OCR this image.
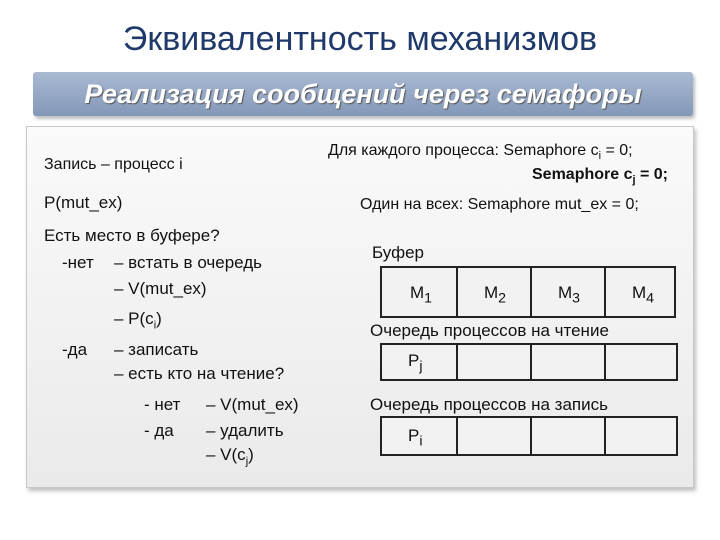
Эквивалентность механизмов
Реализация сообщений через семафоры
Запись – процесс i
P(mut_ex)
Есть место в буфере?
-нет – встать в очередь
– V(mut_ex)
– $P(c_i)$
-да – записать
– есть кто на чтение?
- нет – V(mut_ex)
- да – удалить
– $V(c_j)$
Для каждого процесса: Semaphore $c_i = 0$;
Semaphore $c_j = 0$;
Один на всех: Semaphore mut_ex = 0;
Буфер
$M_1$	$M_2$	$M_3$	$M_4$
Очередь процессов на чтение
$P_j$
Очередь процессов на запись
$P_i$
